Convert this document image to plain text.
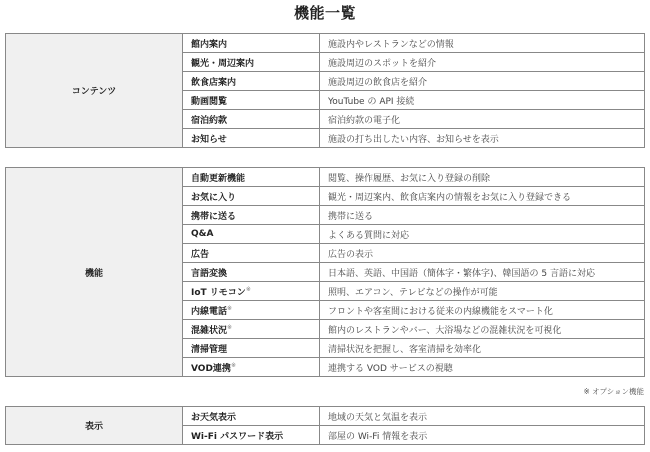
機能一覧
コンテンツ	館内案内	施設内やレストランなどの情報
	観光・周辺案内	施設周辺のスポットを紹介
	飲食店案内	施設周辺の飲食店を紹介
	動画閲覧	YouTube の API 接続
	宿泊約款	宿泊約款の電子化
	お知らせ	施設の打ち出したい内容、お知らせを表示
機能	自動更新機能	閲覧、操作履歴、お気に入り登録の削除
	お気に入り	観光・周辺案内、飲食店案内の情報をお気に入り登録できる
	携帯に送る	携帯に送る
	Q&A	よくある質問に対応
	広告	広告の表示
	言語変換	日本語、英語、中国語（簡体字・繁体字)、韓国語の 5 言語に対応
	IoT リモコン※	照明、エアコン、テレビなどの操作が可能
	内線電話※	フロントや客室間における従来の内線機能をスマート化
	混雑状況※	館内のレストランやバー、大浴場などの混雑状況を可視化
	清掃管理	清掃状況を把握し、客室清掃を効率化
	VOD連携※	連携する VOD サービスの視聴
※ オプション機能
表示	お天気表示	地域の天気と気温を表示
	Wi-Fi パスワード表示	部屋の Wi-Fi 情報を表示
